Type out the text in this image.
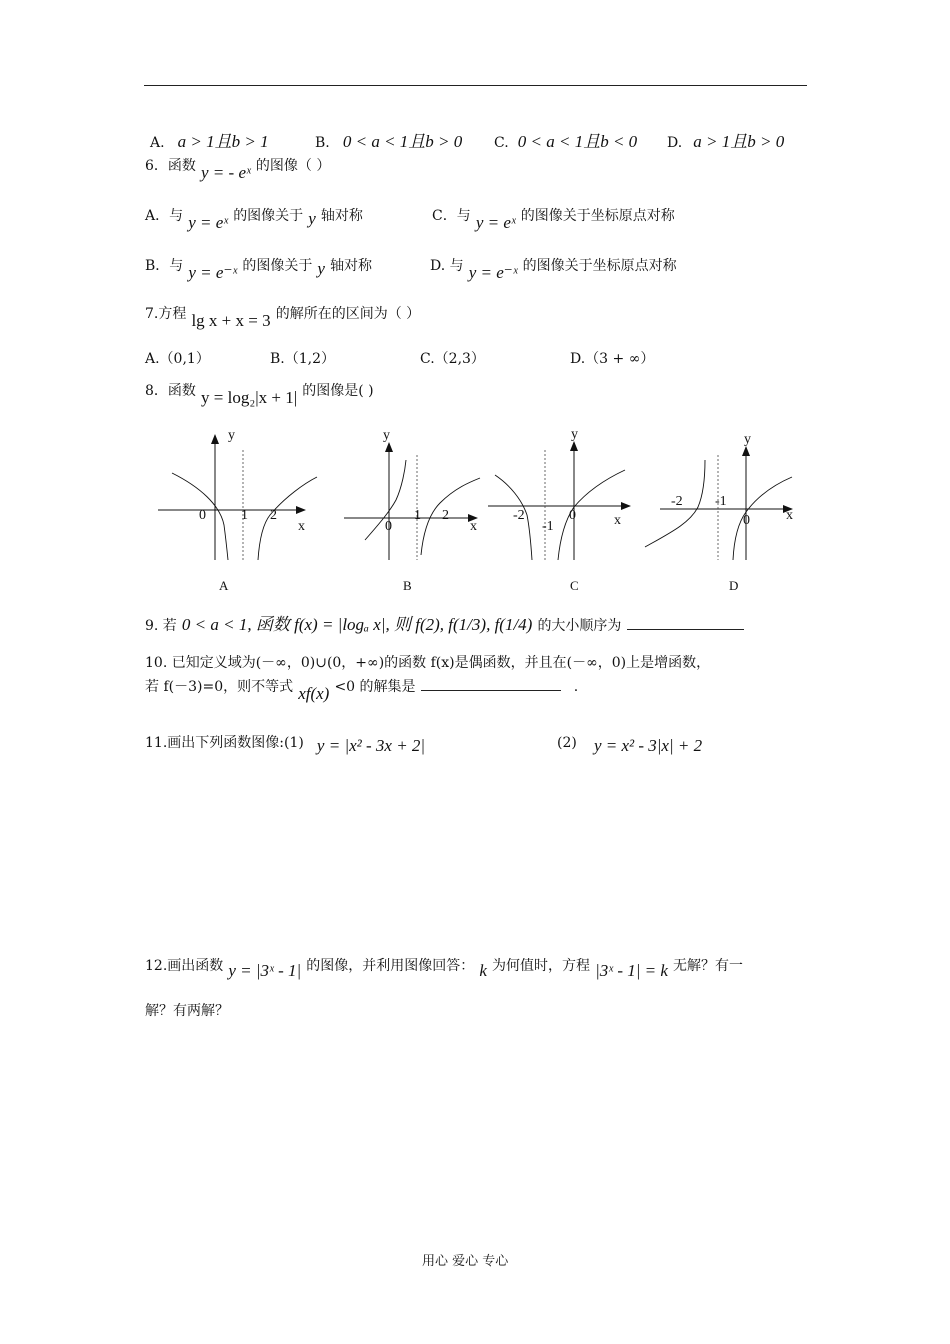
A. a > 1且b > 1	B. 0 < a < 1且b > 0 C. 0 < a < 1且b < 0 D. a > 1且b > 0
6．函数 y = - eˣ 的图像（ ）
A．与 y = eˣ 的图像关于 y 轴对称	C．与 y = eˣ 的图像关于坐标原点对称
B．与 y = e⁻ˣ 的图像关于 y 轴对称	D. 与 y = e⁻ˣ 的图像关于坐标原点对称
7.方程 lg x + x = 3 的解所在的区间为（ ）
A.（0,1）	B.（1,2）	C.（2,3）	D.（3 + ∞）
8．函数 y = log₂|x + 1| 的图像是( )
y
x
0	1 2
A
y
x
0
1 2
B
y
x
-2
-1
0
C
y
x
-2 -1
0
D
9. 若 0 < a < 1, 函数 f(x) = |logₐ x|, 则 f(2), f(1/3), f(1/4) 的大小顺序为
10. 已知定义域为(－∞，0)∪(0，+∞)的函数 f(x)是偶函数，并且在(－∞，0)上是增函数，
若 f(－3)=0，则不等式 xf(x) <0 的解集是	.
11.画出下列函数图像:(1) y = |x² - 3x + 2|	(2) y = x² - 3|x| + 2
12.画出函数 y = |3ˣ - 1| 的图像，并利用图像回答： k 为何值时，方程 |3ˣ - 1| = k 无解？有一
解？有两解？
用心 爱心 专心
